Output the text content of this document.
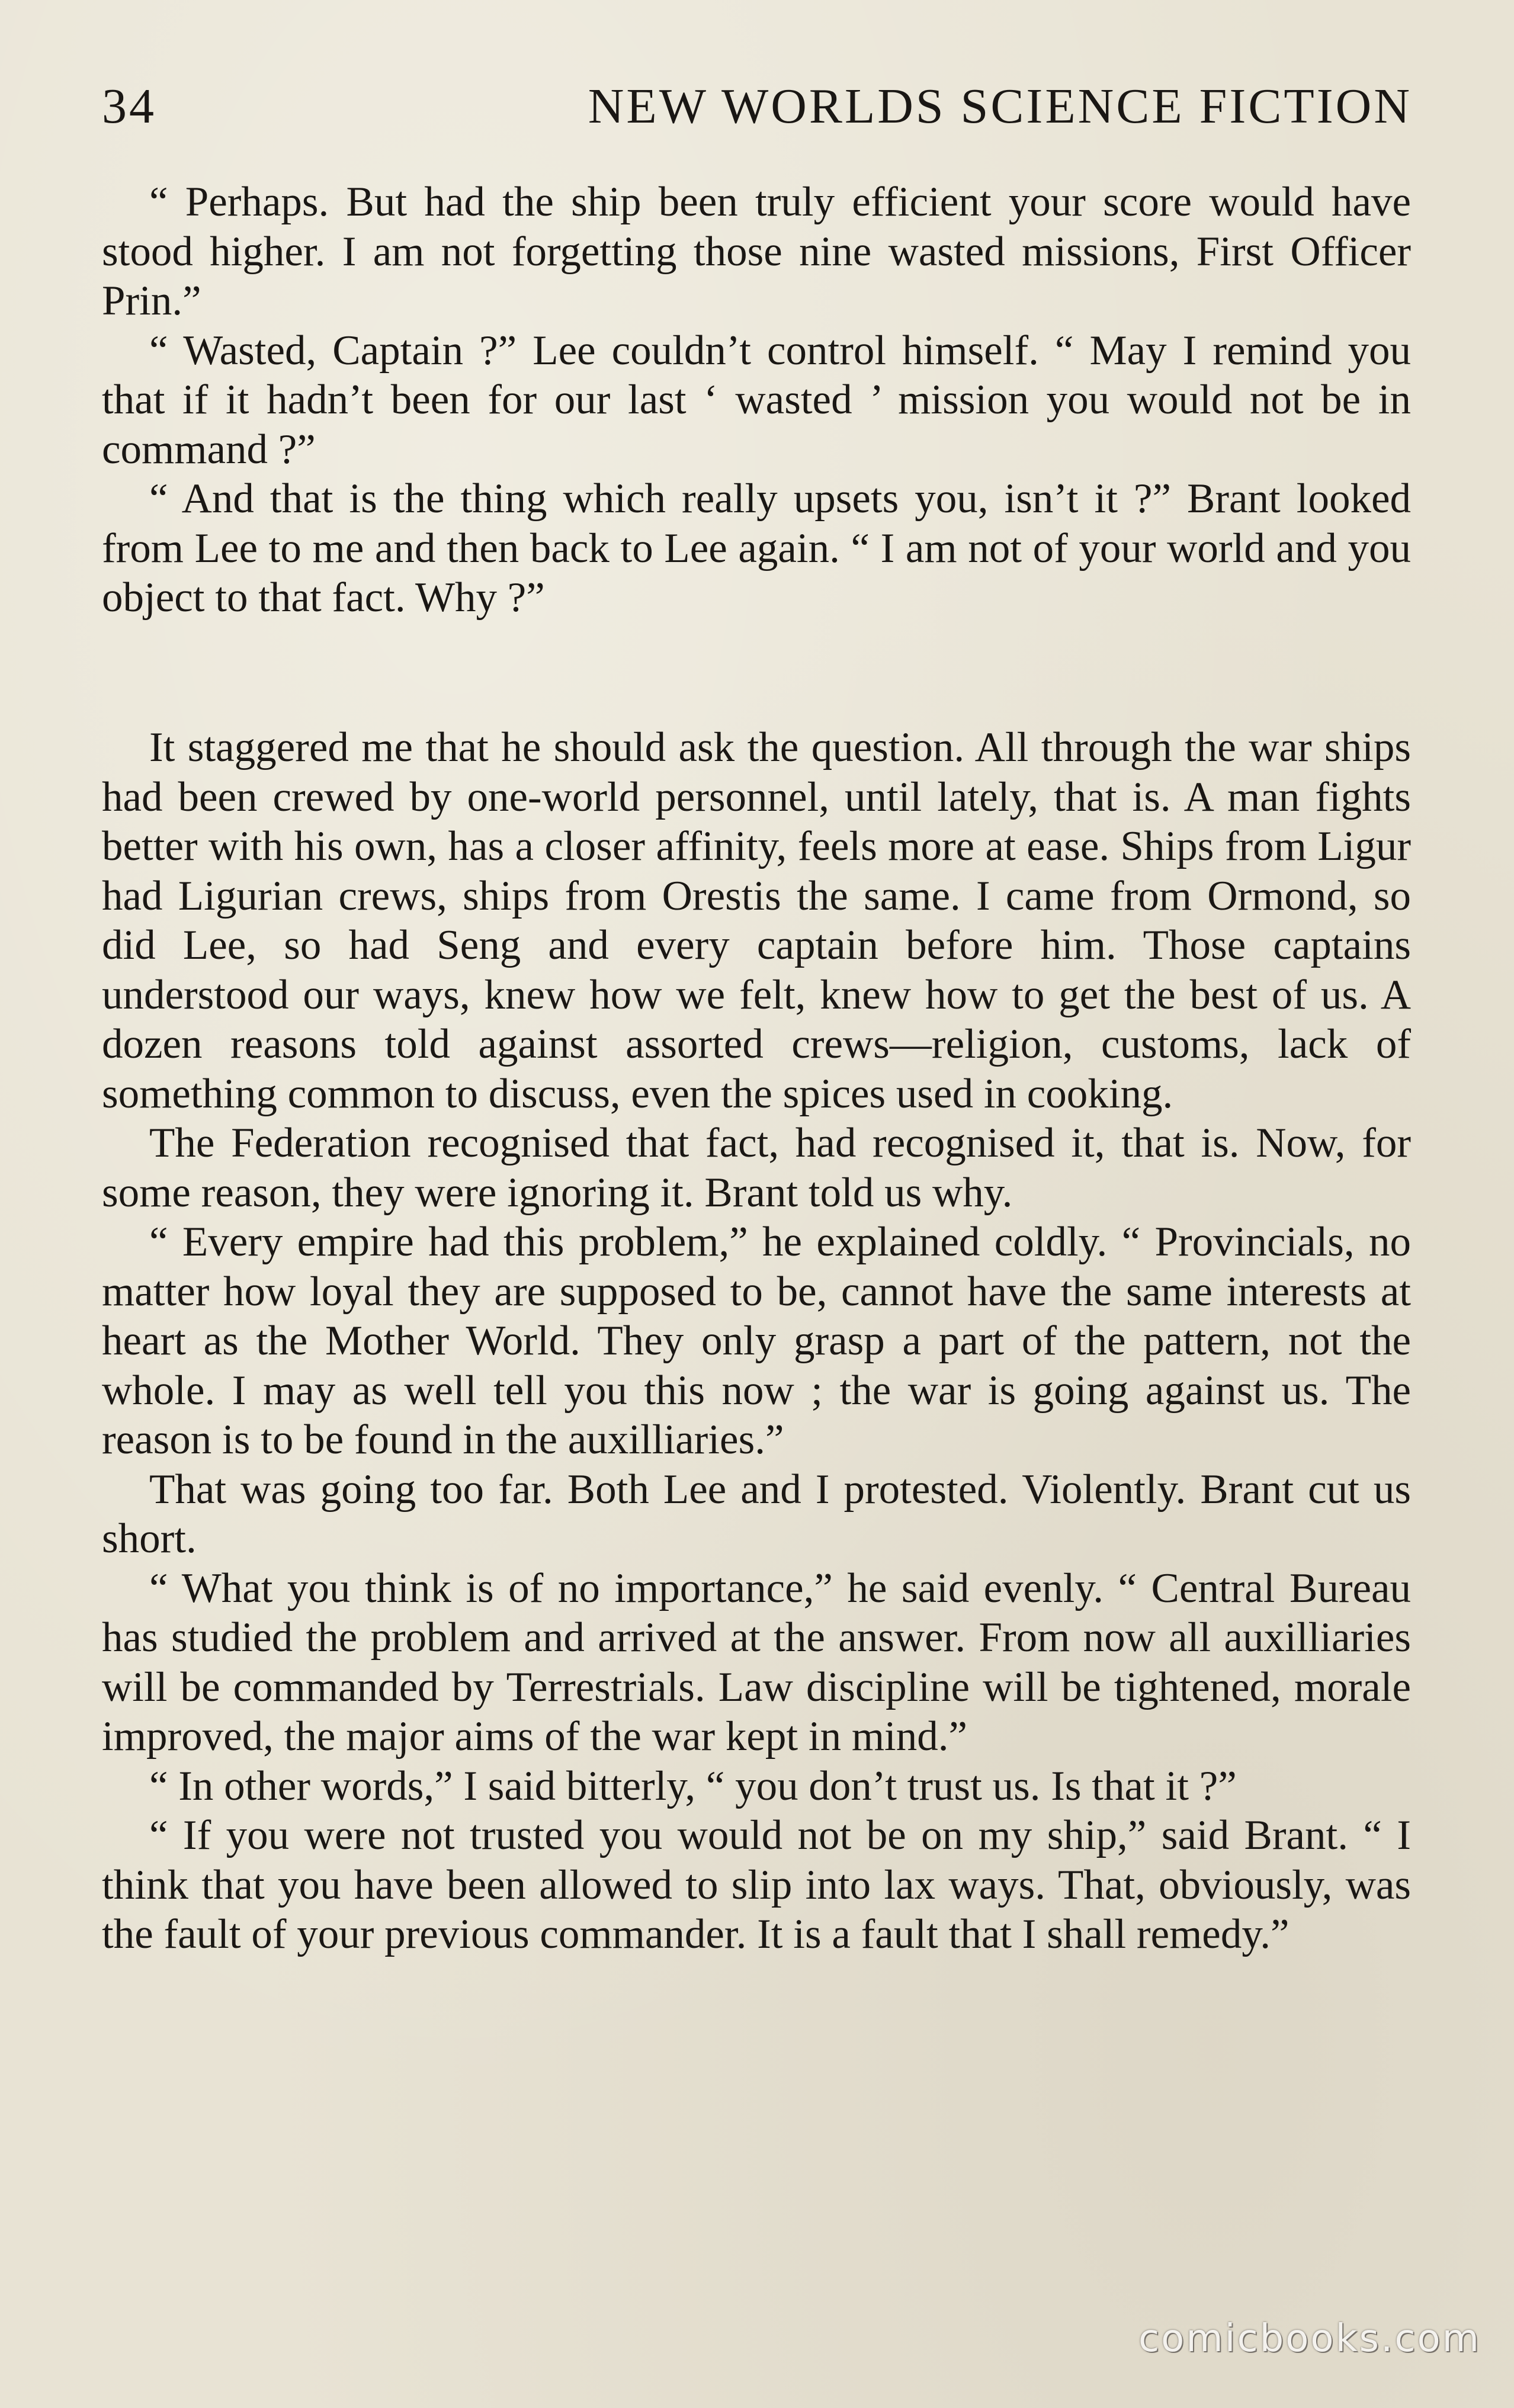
34	NEW WORLDS SCIENCE FICTION

“ Perhaps. But had the ship been truly efficient your score would have stood higher. I am not forgetting those nine wasted missions, First Officer Prin.”

“ Wasted, Captain ?” Lee couldn’t control himself. “ May I remind you that if it hadn’t been for our last ‘ wasted ’ mission you would not be in command ?”

“ And that is the thing which really upsets you, isn’t it ?” Brant looked from Lee to me and then back to Lee again. “ I am not of your world and you object to that fact. Why ?”

It staggered me that he should ask the question. All through the war ships had been crewed by one-world personnel, until lately, that is. A man fights better with his own, has a closer affinity, feels more at ease. Ships from Ligur had Ligurian crews, ships from Orestis the same. I came from Ormond, so did Lee, so had Seng and every captain before him. Those captains understood our ways, knew how we felt, knew how to get the best of us. A dozen reasons told against assorted crews—religion, customs, lack of something common to discuss, even the spices used in cooking.

The Federation recognised that fact, had recognised it, that is. Now, for some reason, they were ignoring it. Brant told us why.

“ Every empire had this problem,” he explained coldly. “ Provincials, no matter how loyal they are supposed to be, cannot have the same interests at heart as the Mother World. They only grasp a part of the pattern, not the whole. I may as well tell you this now ; the war is going against us. The reason is to be found in the auxilliaries.”

That was going too far. Both Lee and I protested. Violently. Brant cut us short.

“ What you think is of no importance,” he said evenly. “ Central Bureau has studied the problem and arrived at the answer. From now all auxilliaries will be commanded by Terrestrials. Law discipline will be tightened, morale improved, the major aims of the war kept in mind.”

“ In other words,” I said bitterly, “ you don’t trust us. Is that it ?”

“ If you were not trusted you would not be on my ship,” said Brant. “ I think that you have been allowed to slip into lax ways. That, obviously, was the fault of your previous commander. It is a fault that I shall remedy.”

comicbooks.com
